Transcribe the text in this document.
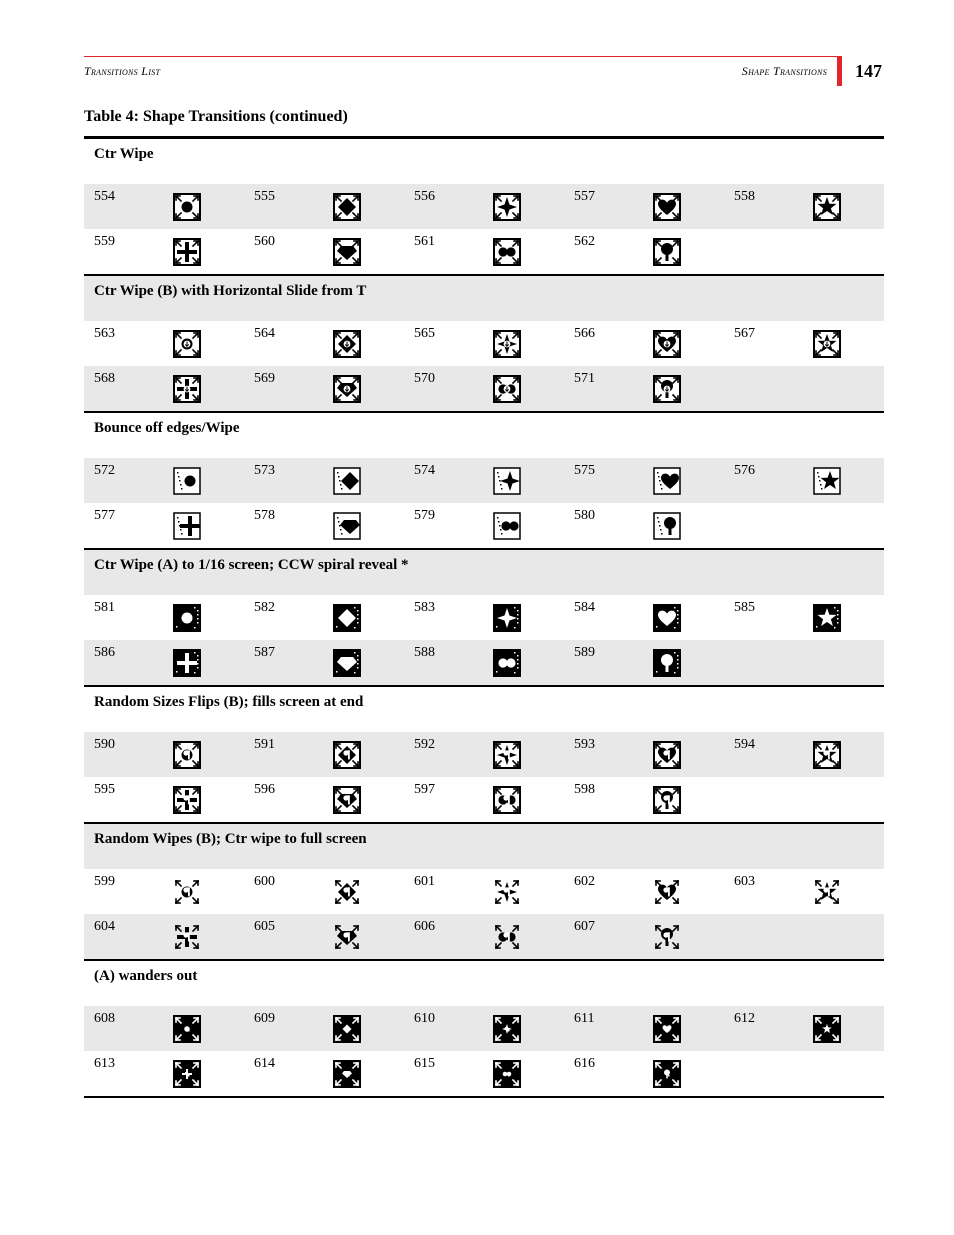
Transitions List	Shape Transitions 147
Table 4: Shape Transitions (continued)
Ctr Wipe
554	555	556	557	558
559	560	561	562
Ctr Wipe (B) with Horizontal Slide from T
563	564	565	566	567
568	569	570	571
Bounce off edges/Wipe
572	573	574	575	576
577	578	579	580
Ctr Wipe (A) to 1/16 screen; CCW spiral reveal *
581	582	583	584	585
586	587	588	589
Random Sizes Flips (B); fills screen at end
590	591	592	593	594
595	596	597	598
Random Wipes (B); Ctr wipe to full screen
599	600	601	602	603
604	605	606	607
(A) wanders out
608	609	610	611	612
613	614	615	616
